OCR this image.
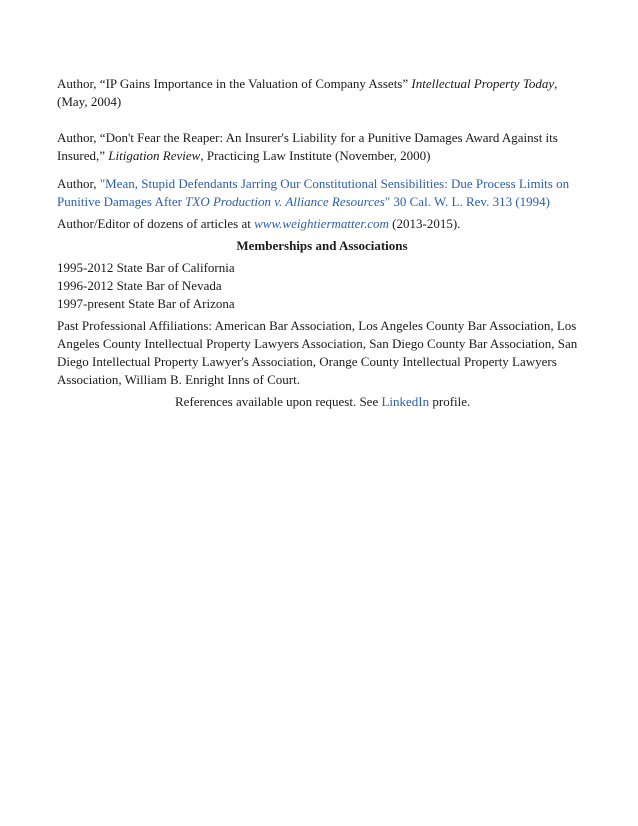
Author, “IP Gains Importance in the Valuation of Company Assets” Intellectual Property Today, (May, 2004)

Author, “Don't Fear the Reaper: An Insurer's Liability for a Punitive Damages Award Against its Insured,” Litigation Review, Practicing Law Institute (November, 2000)

Author, "Mean, Stupid Defendants Jarring Our Constitutional Sensibilities: Due Process Limits on Punitive Damages After TXO Production v. Alliance Resources" 30 Cal. W. L. Rev. 313 (1994)

Author/Editor of dozens of articles at www.weightiermatter.com (2013-2015).

Memberships and Associations

1995-2012 State Bar of California

1996-2012 State Bar of Nevada

1997-present State Bar of Arizona

Past Professional Affiliations: American Bar Association, Los Angeles County Bar Association, Los Angeles County Intellectual Property Lawyers Association, San Diego County Bar Association, San Diego Intellectual Property Lawyer's Association, Orange County Intellectual Property Lawyers Association, William B. Enright Inns of Court.

References available upon request. See LinkedIn profile.
